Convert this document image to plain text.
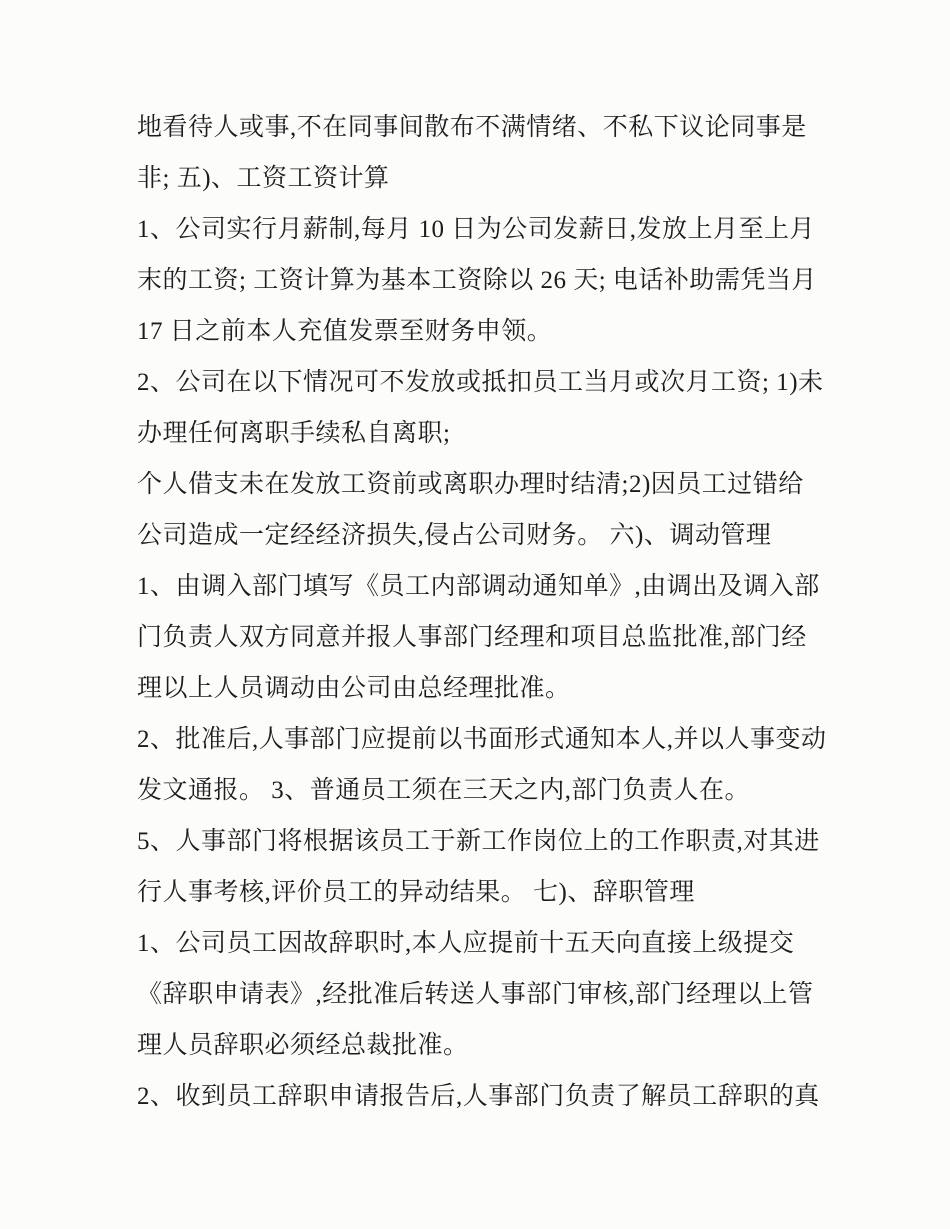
地看待人或事,不在同事间散布不满情绪、不私下议论同事是
非; 五)、工资工资计算
1、公司实行月薪制,每月 10 日为公司发薪日,发放上月至上月
末的工资; 工资计算为基本工资除以 26 天; 电话补助需凭当月
17 日之前本人充值发票至财务申领。
2、公司在以下情况可不发放或抵扣员工当月或次月工资; 1)未
办理任何离职手续私自离职;
个人借支未在发放工资前或离职办理时结清;2)因员工过错给
公司造成一定经经济损失,侵占公司财务。 六)、调动管理
1、由调入部门填写《员工内部调动通知单》,由调出及调入部
门负责人双方同意并报人事部门经理和项目总监批准,部门经
理以上人员调动由公司由总经理批准。
2、批准后,人事部门应提前以书面形式通知本人,并以人事变动
发文通报。 3、普通员工须在三天之内,部门负责人在。
5、人事部门将根据该员工于新工作岗位上的工作职责,对其进
行人事考核,评价员工的异动结果。 七)、辞职管理
1、公司员工因故辞职时,本人应提前十五天向直接上级提交
《辞职申请表》,经批准后转送人事部门审核,部门经理以上管
理人员辞职必须经总裁批准。
2、收到员工辞职申请报告后,人事部门负责了解员工辞职的真
